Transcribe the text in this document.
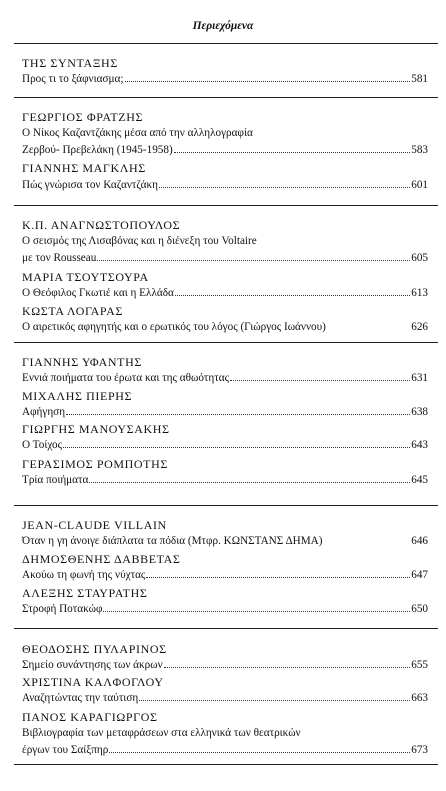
Περιεχόμενα
ΤΗΣ ΣΥΝΤΑΞΗΣ
Προς τι το ξάφνιασμα;	581
ΓΕΩΡΓΙΟΣ ΦΡΑΤΖΗΣ
Ο Νίκος Καζαντζάκης μέσα από την αλληλογραφία
Ζερβού- Πρεβελάκη (1945-1958)	583
ΓΙΑΝΝΗΣ ΜΑΓΚΛΗΣ
Πώς γνώρισα τον Καζαντζάκη	601
Κ.Π. ΑΝΑΓΝΩΣΤΟΠΟΥΛΟΣ
Ο σεισμός της Λισαβόνας και η διένεξη του Voltaire
με τον Rousseau	605
ΜΑΡΙΑ ΤΣΟΥΤΣΟΥΡΑ
Ο Θεόφιλος Γκωτιέ και η Ελλάδα	613
ΚΩΣΤΑ ΛΟΓΑΡΑΣ
Ο αιρετικός αφηγητής και ο ερωτικός του λόγος (Γιώργος Ιωάννου)	626
ΓΙΑΝΝΗΣ ΥΦΑΝΤΗΣ
Εννιά ποιήματα του έρωτα και της αθωότητας	631
ΜΙΧΑΛΗΣ ΠΙΕΡΗΣ
Αφήγηση	638
ΓΙΩΡΓΗΣ ΜΑΝΟΥΣΑΚΗΣ
Ο Τοίχος	643
ΓΕΡΑΣΙΜΟΣ ΡΟΜΠΟΤΗΣ
Τρία ποιήματα	645
JEAN-CLAUDE VILLAIN
Όταν η γη άνοιγε διάπλατα τα πόδια (Μτφρ. ΚΩΝΣΤΑΝΣ ΔΗΜΑ)	646
ΔΗΜΟΣΘΕΝΗΣ ΔΑΒΒΕΤΑΣ
Ακούω τη φωνή της νύχτας	647
ΑΛΕΞΗΣ ΣΤΑΥΡΑΤΗΣ
Στροφή Ποτακώφ	650
ΘΕΟΔΟΣΗΣ ΠΥΛΑΡΙΝΟΣ
Σημείο συνάντησης των άκρων	655
ΧΡΙΣΤΙΝΑ ΚΑΛΦΟΓΛΟΥ
Αναζητώντας την ταύτιση	663
ΠΑΝΟΣ ΚΑΡΑΓΙΩΡΓΟΣ
Βιβλιογραφία των μεταφράσεων στα ελληνικά των θεατρικών
έργων του Σαίξπηρ	673
